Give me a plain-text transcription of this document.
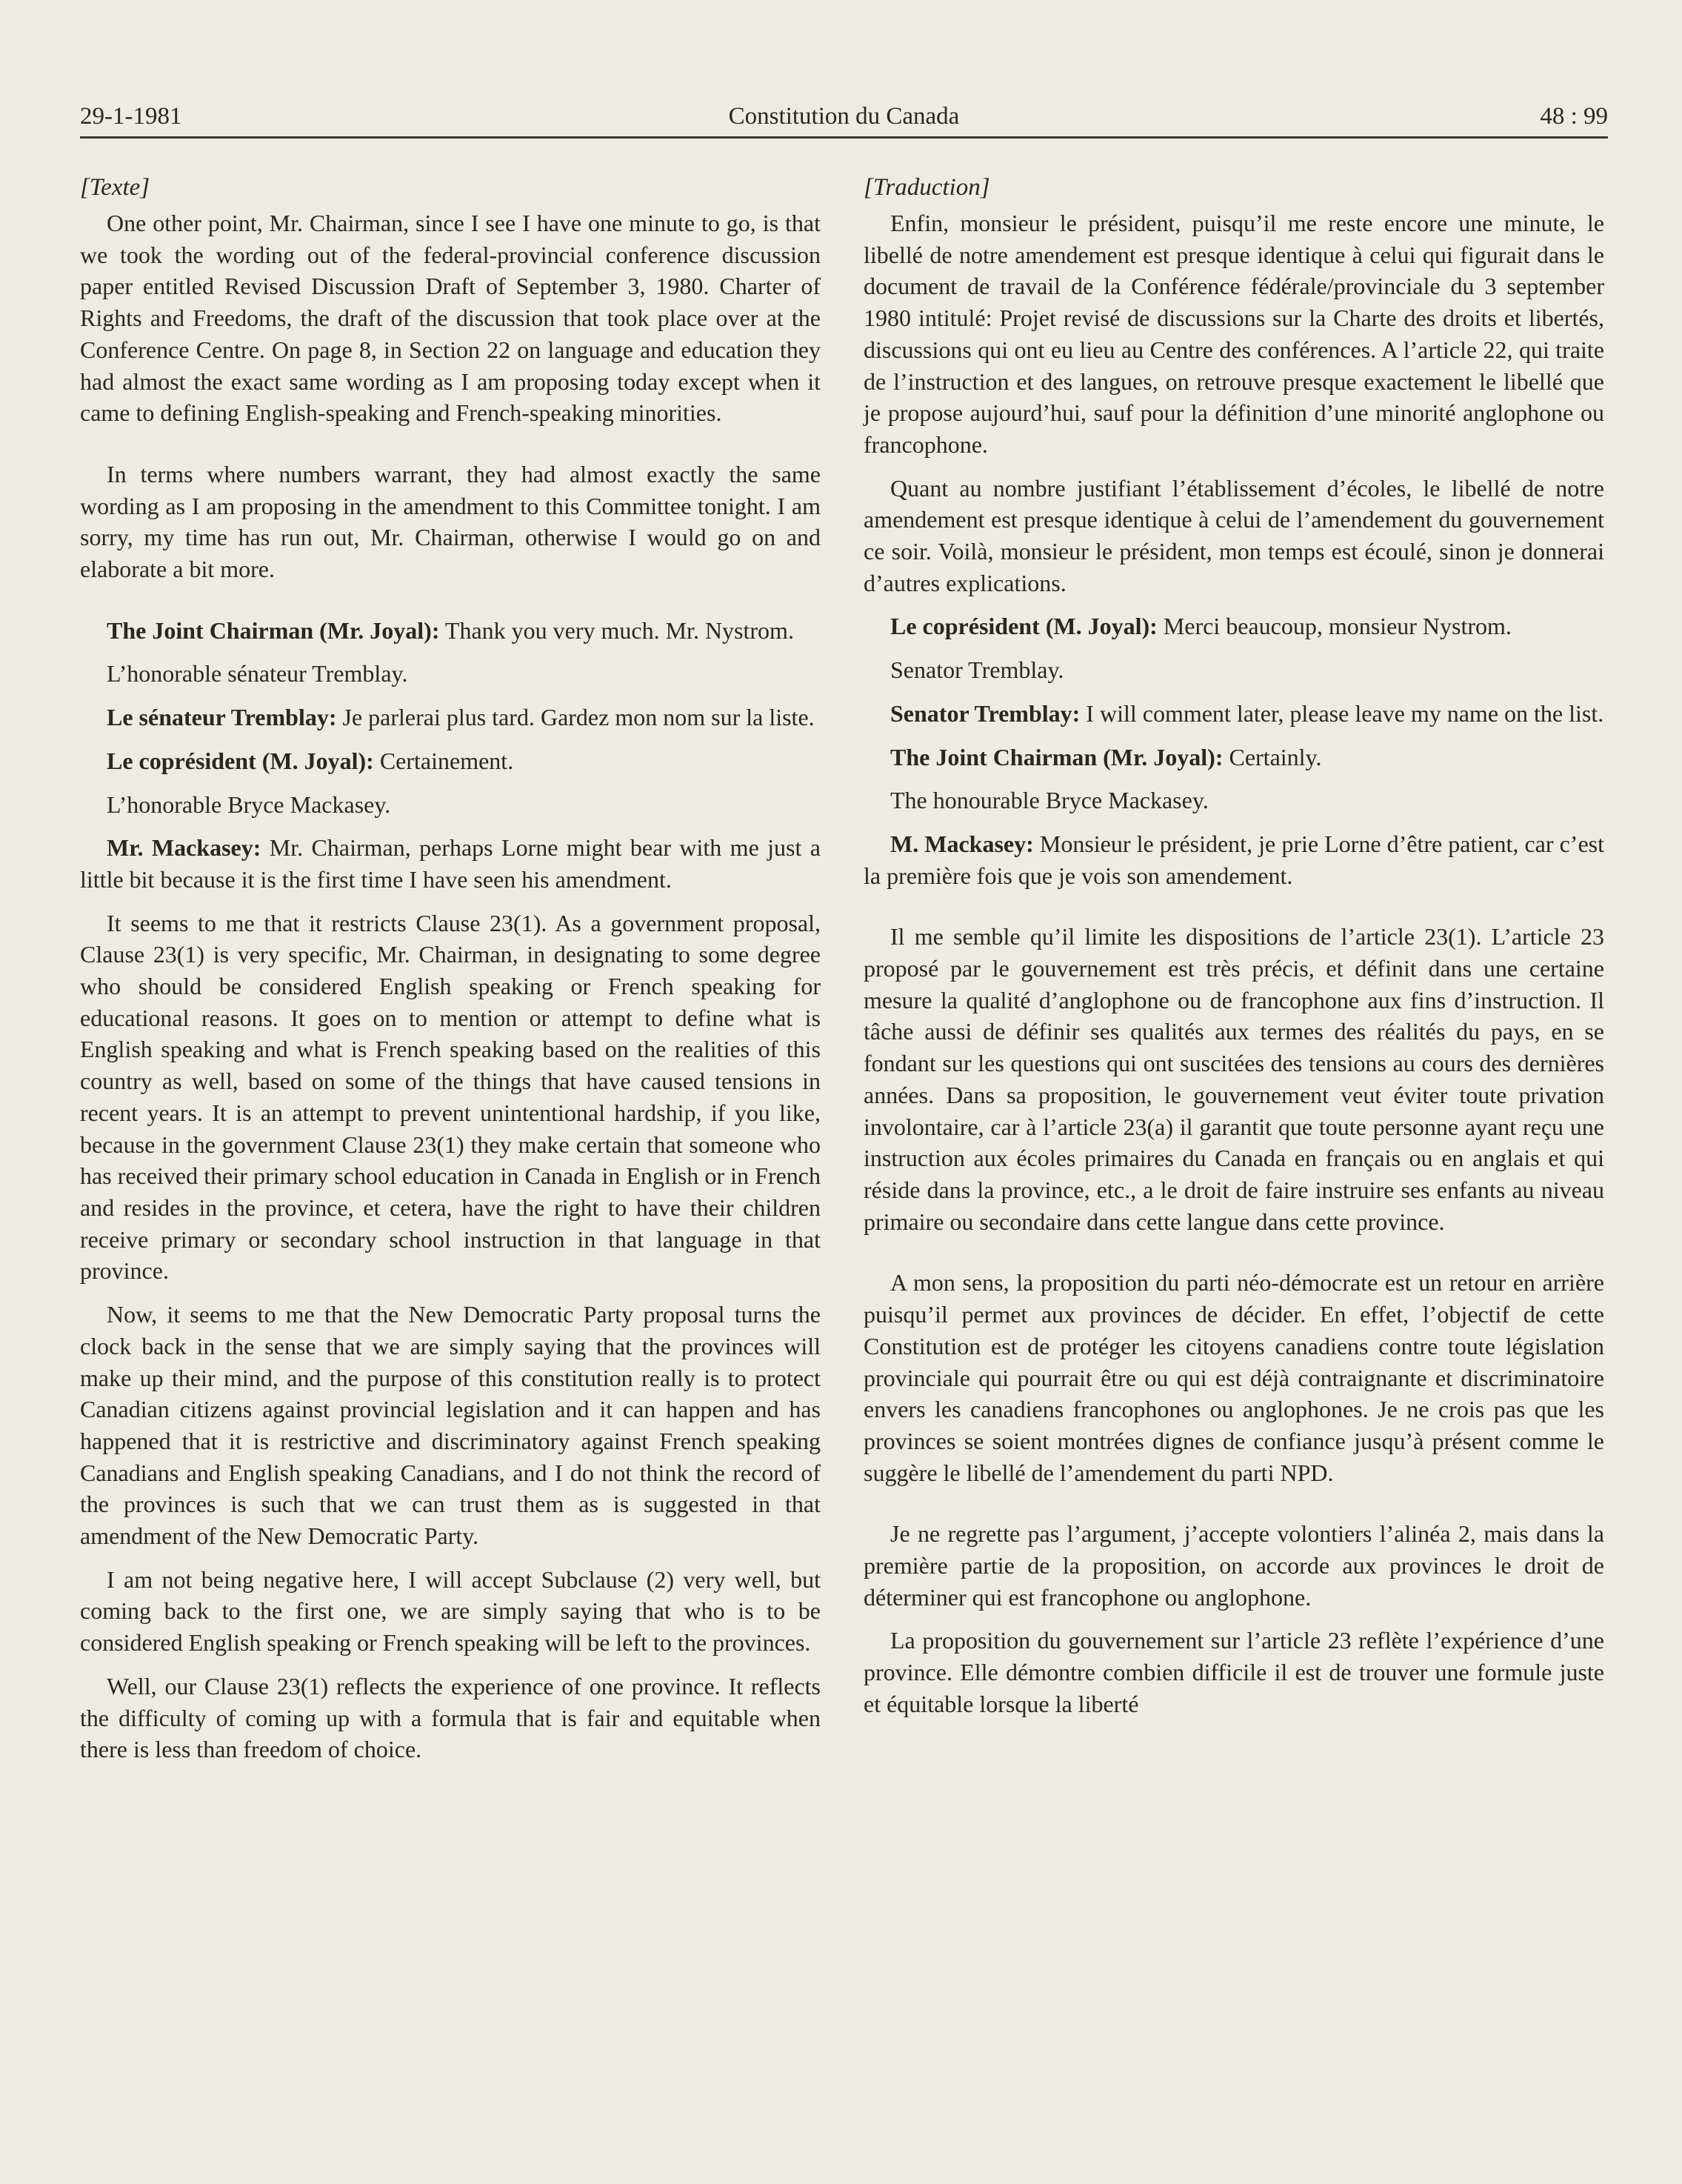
29-1-1981	Constitution du Canada	48 : 99
[Texte]

One other point, Mr. Chairman, since I see I have one minute to go, is that we took the wording out of the federal-provincial conference discussion paper entitled Revised Discussion Draft of September 3, 1980. Charter of Rights and Freedoms, the draft of the discussion that took place over at the Conference Centre. On page 8, in Section 22 on language and education they had almost the exact same wording as I am proposing today except when it came to defining English-speaking and French-speaking minorities.

In terms where numbers warrant, they had almost exactly the same wording as I am proposing in the amendment to this Committee tonight. I am sorry, my time has run out, Mr. Chairman, otherwise I would go on and elaborate a bit more.

The Joint Chairman (Mr. Joyal): Thank you very much. Mr. Nystrom.

L’honorable sénateur Tremblay.

Le sénateur Tremblay: Je parlerai plus tard. Gardez mon nom sur la liste.

Le coprésident (M. Joyal): Certainement.

L’honorable Bryce Mackasey.

Mr. Mackasey: Mr. Chairman, perhaps Lorne might bear with me just a little bit because it is the first time I have seen his amendment.

It seems to me that it restricts Clause 23(1). As a government proposal, Clause 23(1) is very specific, Mr. Chairman, in designating to some degree who should be considered English speaking or French speaking for educational reasons. It goes on to mention or attempt to define what is English speaking and what is French speaking based on the realities of this country as well, based on some of the things that have caused tensions in recent years. It is an attempt to prevent unintentional hardship, if you like, because in the government Clause 23(1) they make certain that someone who has received their primary school education in Canada in English or in French and resides in the province, et cetera, have the right to have their children receive primary or secondary school instruction in that language in that province.

Now, it seems to me that the New Democratic Party proposal turns the clock back in the sense that we are simply saying that the provinces will make up their mind, and the purpose of this constitution really is to protect Canadian citizens against provincial legislation and it can happen and has happened that it is restrictive and discriminatory against French speaking Canadians and English speaking Canadians, and I do not think the record of the provinces is such that we can trust them as is suggested in that amendment of the New Democratic Party.

I am not being negative here, I will accept Subclause (2) very well, but coming back to the first one, we are simply saying that who is to be considered English speaking or French speaking will be left to the provinces.

Well, our Clause 23(1) reflects the experience of one province. It reflects the difficulty of coming up with a formula that is fair and equitable when there is less than freedom of choice.

[Traduction]

Enfin, monsieur le président, puisqu’il me reste encore une minute, le libellé de notre amendement est presque identique à celui qui figurait dans le document de travail de la Conférence fédérale/provinciale du 3 september 1980 intitulé: Projet revisé de discussions sur la Charte des droits et libertés, discussions qui ont eu lieu au Centre des conférences. A l’article 22, qui traite de l’instruction et des langues, on retrouve presque exactement le libellé que je propose aujourd’hui, sauf pour la définition d’une minorité anglophone ou francophone.

Quant au nombre justifiant l’établissement d’écoles, le libellé de notre amendement est presque identique à celui de l’amendement du gouvernement ce soir. Voilà, monsieur le président, mon temps est écoulé, sinon je donnerai d’autres explications.

Le coprésident (M. Joyal): Merci beaucoup, monsieur Nystrom.

Senator Tremblay.

Senator Tremblay: I will comment later, please leave my name on the list.

The Joint Chairman (Mr. Joyal): Certainly.

The honourable Bryce Mackasey.

M. Mackasey: Monsieur le président, je prie Lorne d’être patient, car c’est la première fois que je vois son amendement.

Il me semble qu’il limite les dispositions de l’article 23(1). L’article 23 proposé par le gouvernement est très précis, et définit dans une certaine mesure la qualité d’anglophone ou de francophone aux fins d’instruction. Il tâche aussi de définir ses qualités aux termes des réalités du pays, en se fondant sur les questions qui ont suscitées des tensions au cours des dernières années. Dans sa proposition, le gouvernement veut éviter toute privation involontaire, car à l’article 23(a) il garantit que toute personne ayant reçu une instruction aux écoles primaires du Canada en français ou en anglais et qui réside dans la province, etc., a le droit de faire instruire ses enfants au niveau primaire ou secondaire dans cette langue dans cette province.

A mon sens, la proposition du parti néo-démocrate est un retour en arrière puisqu’il permet aux provinces de décider. En effet, l’objectif de cette Constitution est de protéger les citoyens canadiens contre toute législation provinciale qui pourrait être ou qui est déjà contraignante et discriminatoire envers les canadiens francophones ou anglophones. Je ne crois pas que les provinces se soient montrées dignes de confiance jusqu’à présent comme le suggère le libellé de l’amendement du parti NPD.

Je ne regrette pas l’argument, j’accepte volontiers l’alinéa 2, mais dans la première partie de la proposition, on accorde aux provinces le droit de déterminer qui est francophone ou anglophone.

La proposition du gouvernement sur l’article 23 reflète l’expérience d’une province. Elle démontre combien difficile il est de trouver une formule juste et équitable lorsque la liberté
